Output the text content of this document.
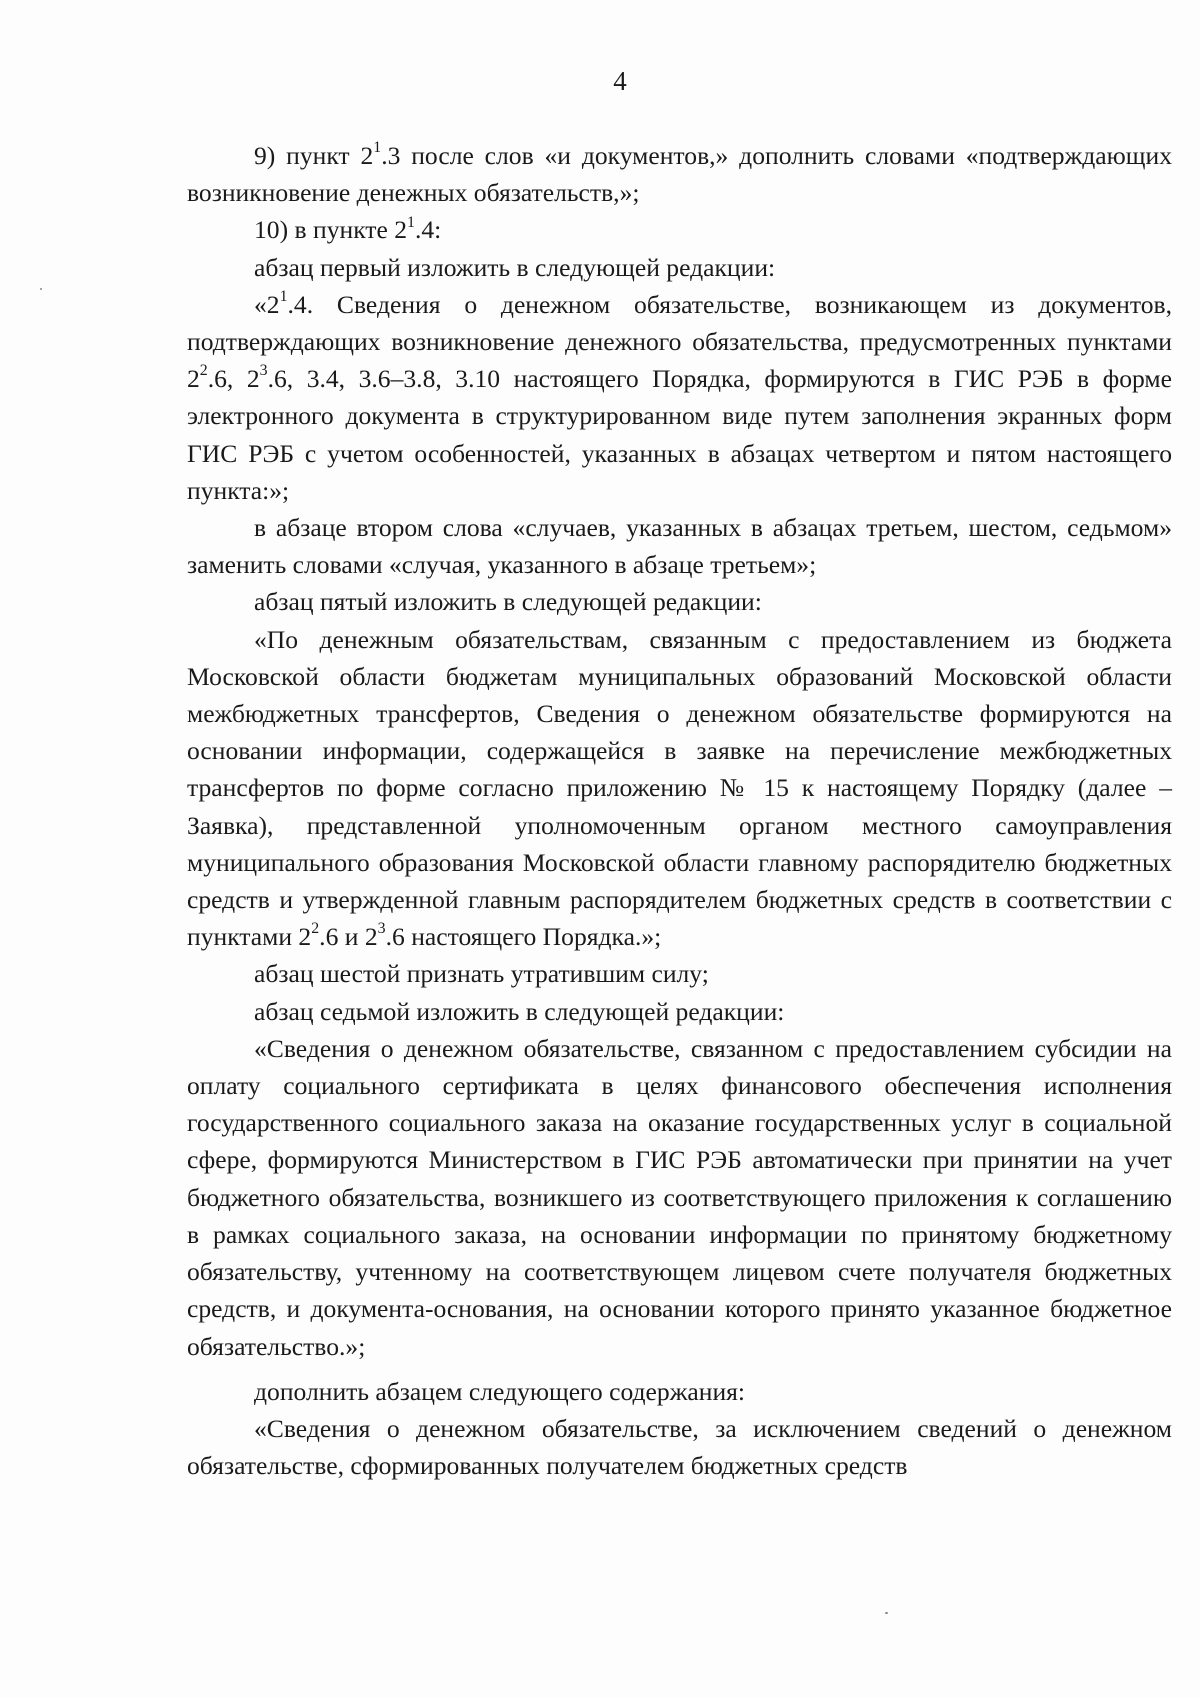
4

9) пункт $2^1.3$ после слов «и документов,» дополнить словами «подтверждающих возникновение денежных обязательств,»;

10) в пункте $2^1.4$:

абзац первый изложить в следующей редакции:

«$2^1.4$. Сведения о денежном обязательстве, возникающем из документов, подтверждающих возникновение денежного обязательства, предусмотренных пунктами $2^2.6$, $2^3.6$, 3.4, 3.6–3.8, 3.10 настоящего Порядка, формируются в ГИС РЭБ в форме электронного документа в структурированном виде путем заполнения экранных форм ГИС РЭБ с учетом особенностей, указанных в абзацах четвертом и пятом настоящего пункта:»;

в абзаце втором слова «случаев, указанных в абзацах третьем, шестом, седьмом» заменить словами «случая, указанного в абзаце третьем»;

абзац пятый изложить в следующей редакции:

«По денежным обязательствам, связанным с предоставлением из бюджета Московской области бюджетам муниципальных образований Московской области межбюджетных трансфертов, Сведения о денежном обязательстве формируются на основании информации, содержащейся в заявке на перечисление межбюджетных трансфертов по форме согласно приложению № 15 к настоящему Порядку (далее – Заявка), представленной уполномоченным органом местного самоуправления муниципального образования Московской области главному распорядителю бюджетных средств и утвержденной главным распорядителем бюджетных средств в соответствии с пунктами $2^2.6$ и $2^3.6$ настоящего Порядка.»;

абзац шестой признать утратившим силу;

абзац седьмой изложить в следующей редакции:

«Сведения о денежном обязательстве, связанном с предоставлением субсидии на оплату социального сертификата в целях финансового обеспечения исполнения государственного социального заказа на оказание государственных услуг в социальной сфере, формируются Министерством в ГИС РЭБ автоматически при принятии на учет бюджетного обязательства, возникшего из соответствующего приложения к соглашению в рамках социального заказа, на основании информации по принятому бюджетному обязательству, учтенному на соответствующем лицевом счете получателя бюджетных средств, и документа-основания, на основании которого принято указанное бюджетное обязательство.»;

дополнить абзацем следующего содержания:

«Сведения о денежном обязательстве, за исключением сведений о денежном обязательстве, сформированных получателем бюджетных средств
